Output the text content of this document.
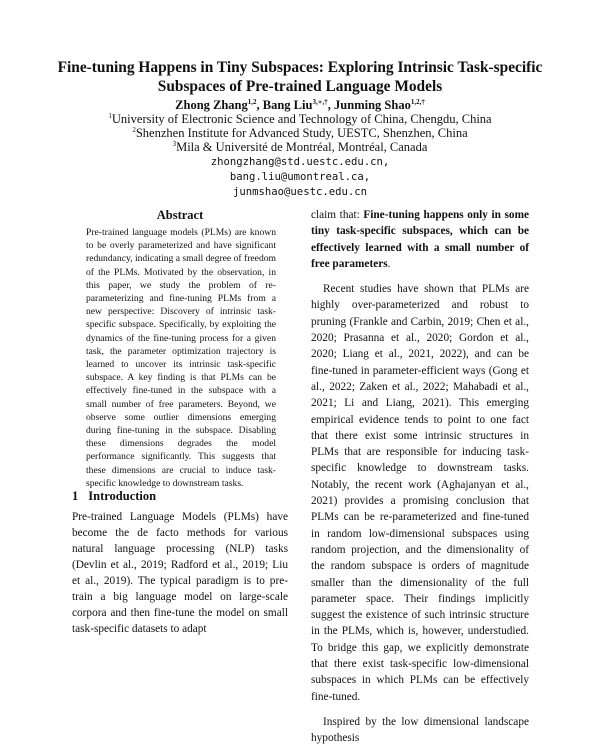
Fine-tuning Happens in Tiny Subspaces: Exploring Intrinsic Task-specific
Subspaces of Pre-trained Language Models
Zhong Zhang$^{1,2}$, Bang Liu$^{3,∗,\dagger}$, Junming Shao$^{1,2,\dagger}$
$^1$University of Electronic Science and Technology of China, Chengdu, China
$^2$Shenzhen Institute for Advanced Study, UESTC, Shenzhen, China
$^3$Mila & Université de Montréal, Montréal, Canada
zhongzhang@std.uestc.edu.cn,
bang.liu@umontreal.ca,
junmshao@uestc.edu.cn
Abstract
Pre-trained language models (PLMs) are known to be overly parameterized and have significant redundancy, indicating a small degree of freedom of the PLMs. Motivated by the observation, in this paper, we study the problem of re-parameterizing and fine-tuning PLMs from a new perspective: Discovery of intrinsic task-specific subspace. Specifically, by exploiting the dynamics of the fine-tuning process for a given task, the parameter optimization trajectory is learned to uncover its intrinsic task-specific subspace. A key finding is that PLMs can be effectively fine-tuned in the subspace with a small number of free parameters. Beyond, we observe some outlier dimensions emerging during fine-tuning in the subspace. Disabling these dimensions degrades the model performance significantly. This suggests that these dimensions are crucial to induce task-specific knowledge to downstream tasks.
1 Introduction

Pre-trained Language Models (PLMs) have become the de facto methods for various natural language processing (NLP) tasks (Devlin et al., 2019; Radford et al., 2019; Liu et al., 2019). The typical paradigm is to pre-train a big language model on large-scale corpora and then fine-tune the model on small task-specific datasets to adapt

claim that: Fine-tuning happens only in some tiny task-specific subspaces, which can be effectively learned with a small number of free parameters.

Recent studies have shown that PLMs are highly over-parameterized and robust to pruning (Frankle and Carbin, 2019; Chen et al., 2020; Prasanna et al., 2020; Gordon et al., 2020; Liang et al., 2021, 2022), and can be fine-tuned in parameter-efficient ways (Gong et al., 2022; Zaken et al., 2022; Mahabadi et al., 2021; Li and Liang, 2021). This emerging empirical evidence tends to point to one fact that there exist some intrinsic structures in PLMs that are responsible for inducing task-specific knowledge to downstream tasks. Notably, the recent work (Aghajanyan et al., 2021) provides a promising conclusion that PLMs can be re-parameterized and fine-tuned in random low-dimensional subspaces using random projection, and the dimensionality of the random subspace is orders of magnitude smaller than the dimensionality of the full parameter space. Their findings implicitly suggest the existence of such intrinsic structure in the PLMs, which is, however, understudied. To bridge this gap, we explicitly demonstrate that there exist task-specific low-dimensional subspaces in which PLMs can be effectively fine-tuned.

Inspired by the low dimensional landscape hypothesis
